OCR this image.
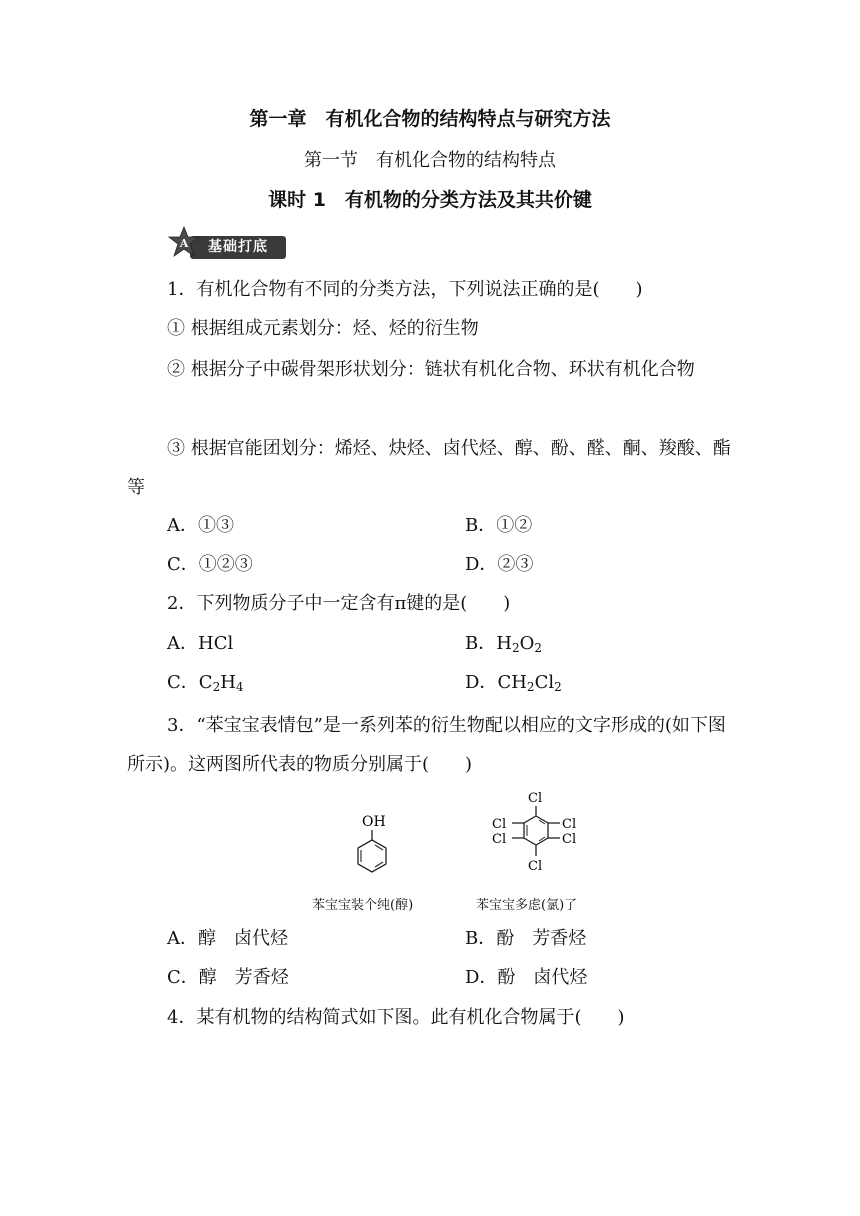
第一章　有机化合物的结构特点与研究方法
第一节　有机化合物的结构特点
课时 1　有机物的分类方法及其共价键
基础打底
A
1．有机化合物有不同的分类方法，下列说法正确的是(　　)
① 根据组成元素划分：烃、烃的衍生物
② 根据分子中碳骨架形状划分：链状有机化合物、环状有机化合物
③ 根据官能团划分：烯烃、炔烃、卤代烃、醇、酚、醛、酮、羧酸、酯等
A．①③	B．①②
C．①②③	D．②③
2．下列物质分子中一定含有π键的是(　　)
A．HCl	B．$H_2O_2$
C．$C_2H_4$	D．$CH_2Cl_2$
3．“苯宝宝表情包”是一系列苯的衍生物配以相应的文字形成的(如下图所示)。这两图所代表的物质分别属于(　　)
OH
苯宝宝装个纯(醇)
Cl
Cl
Cl
Cl
Cl
Cl
苯宝宝多虑(氯)了
A．醇　卤代烃	B．酚　芳香烃
C．醇　芳香烃	D．酚　卤代烃
4．某有机物的结构简式如下图。此有机化合物属于(　　)
